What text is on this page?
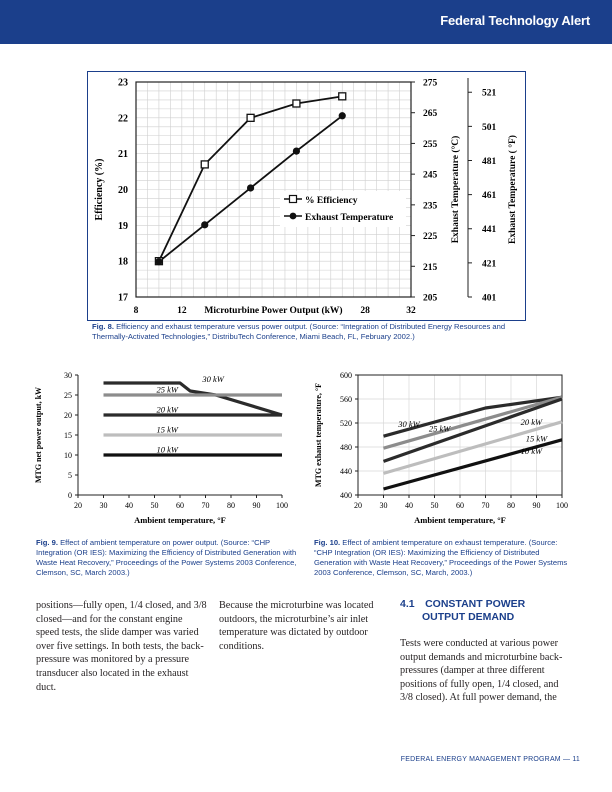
Federal Technology Alert
17
18
19
20
21
22
23
205
215
225
235
245
255
265
275
401
421
441
461
481
501
521
8	12	28	32
Microturbine Power Output (kW)
Efficiency (%)	Exhaust Temperature (°C)	Exhaust Temperature ( °F)
% Efficiency
Exhaust Temperature
Fig. 8. Efficiency and exhaust temperature versus power output. (Source: “Integration of Distributed Energy Resources and Thermally-Activated Technologies,” DistribuTech Conference, Miami Beach, FL, February 2002.)
0
5
10
15
20
25
30
20 30 40 50 60 70 80 90 100
Ambient temperature, °F
MTG net power output, kW
30 kW
25 kW
20 kW
15 kW
10 kW
400
440
480
520
560
600
20 30 40 50 60 70 80 90 100
Ambient temperature, °F
MTG exhaust temperature, °F	30 kW 25 kW
20 kW
15 kW
10 kW
Fig. 9. Effect of ambient temperature on power output. (Source: “CHP Integration (OR IES): Maximizing the Efficiency of Distributed Generation with Waste Heat Recovery,” Proceedings of the Power Systems 2003 Conference, Clemson, SC, March 2003.)
Fig. 10. Effect of ambient temperature on exhaust temperature. (Source: “CHP Integration (OR IES): Maximizing the Efficiency of Distributed Generation with Waste Heat Recovery,” Proceedings of the Power Systems 2003 Conference, Clemson, SC, March, 2003.)

positions—fully open, 1/4 closed, and 3/8 closed—and for the constant engine speed tests, the slide damper was varied over five settings. In both tests, the back-pressure was monitored by a pressure transducer also located in the exhaust duct.

Because the microturbine was located outdoors, the microturbine’s air inlet temperature was dictated by outdoor conditions.

4.1 CONSTANT POWER
OUTPUT DEMAND

Tests were conducted at various power output demands and microturbine back-pressures (damper at three different positions of fully open, 1/4 closed, and 3/8 closed). At full power demand, the

FEDERAL ENERGY MANAGEMENT PROGRAM — 11
